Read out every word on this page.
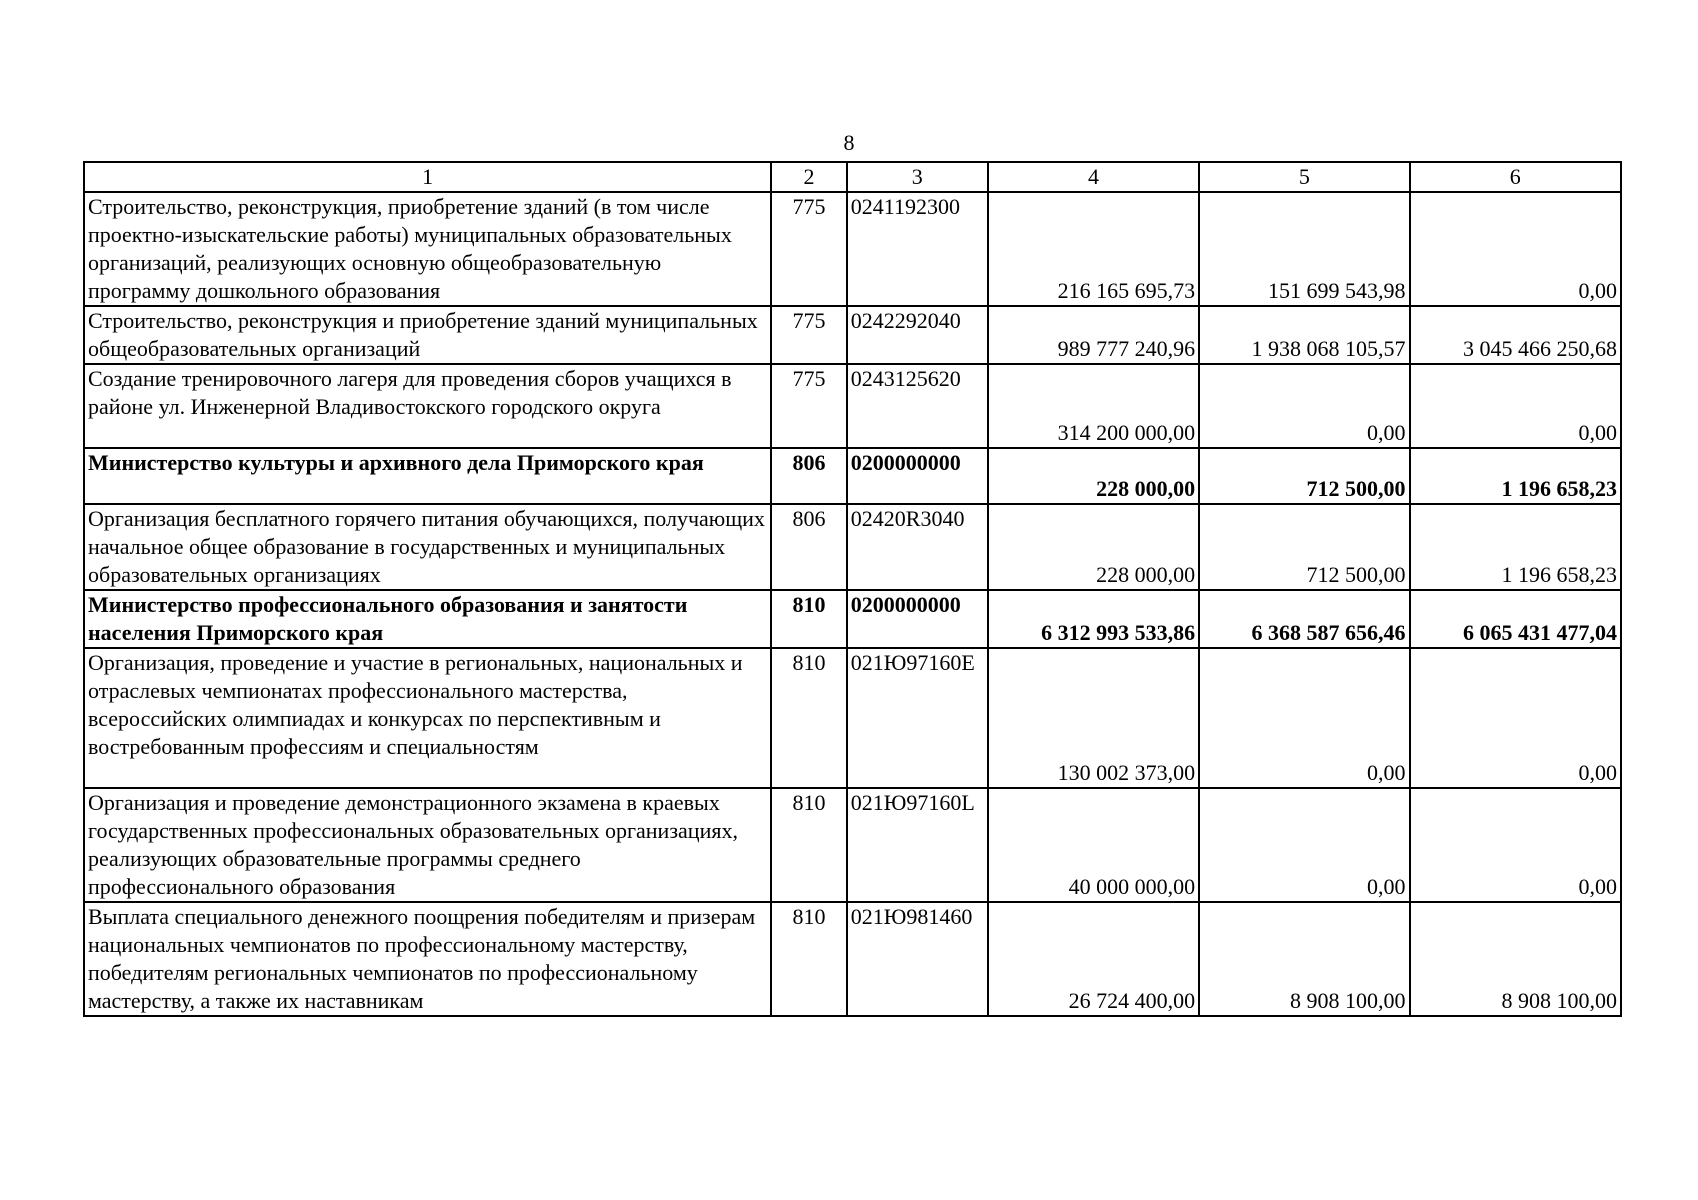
8
1	2	3	4	5	6
Строительство, реконструкция, приобретение зданий (в том числе проектно-изыскательские работы) муниципальных образовательных организаций, реализующих основную общеобразовательную программу дошкольного образования	775	0241192300	216 165 695,73	151 699 543,98	0,00
Строительство, реконструкция и приобретение зданий муниципальных общеобразовательных организаций	775	0242292040	989 777 240,96	1 938 068 105,57	3 045 466 250,68
Создание тренировочного лагеря для проведения сборов учащихся в районе ул. Инженерной Владивостокского городского округа	775	0243125620	314 200 000,00	0,00	0,00
Министерство культуры и архивного дела Приморского края	806	0200000000	228 000,00	712 500,00	1 196 658,23
Организация бесплатного горячего питания обучающихся, получающих начальное общее образование в государственных и муниципальных образовательных организациях	806	02420R3040	228 000,00	712 500,00	1 196 658,23
Министерство профессионального образования и занятости населения Приморского края	810	0200000000	6 312 993 533,86	6 368 587 656,46	6 065 431 477,04
Организация, проведение и участие в региональных, национальных и отраслевых чемпионатах профессионального мастерства, всероссийских олимпиадах и конкурсах по перспективным и востребованным профессиям и специальностям	810	021Ю97160Е	130 002 373,00	0,00	0,00
Организация и проведение демонстрационного экзамена в краевых государственных профессиональных образовательных организациях, реализующих образовательные программы среднего профессионального образования	810	021Ю97160L	40 000 000,00	0,00	0,00
Выплата специального денежного поощрения победителям и призерам национальных чемпионатов по профессиональному мастерству, победителям региональных чемпионатов по профессиональному мастерству, а также их наставникам	810	021Ю981460	26 724 400,00	8 908 100,00	8 908 100,00
